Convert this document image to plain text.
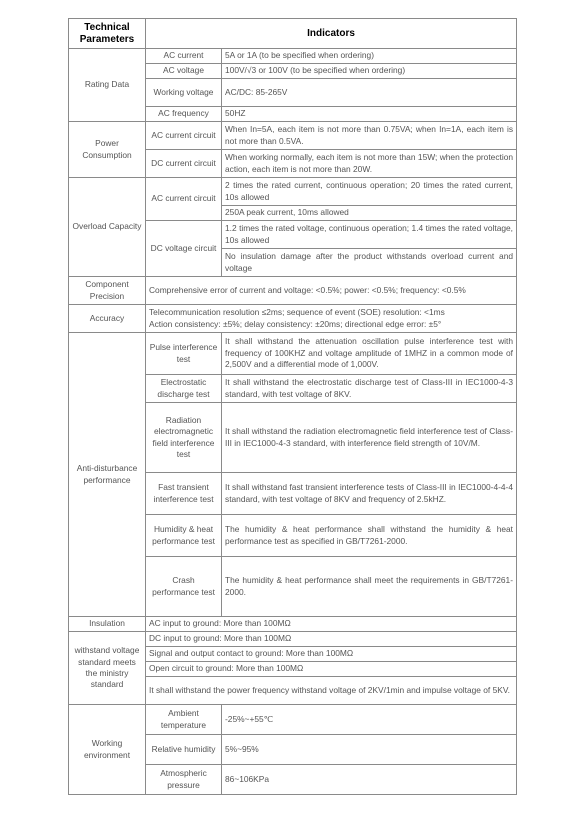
Technical Parameters	Indicators	
Rating Data	AC current	5A or 1A (to be specified when ordering)
	AC voltage	100V/√3 or 100V (to be specified when ordering)
	Working voltage	AC/DC: 85-265V
	AC frequency	50HZ
Power Consumption	AC current circuit	When In=5A, each item is not more than 0.75VA; when In=1A, each item is not more than 0.5VA.
	DC current circuit	When working normally, each item is not more than 15W; when the protection action, each item is not more than 20W.
Overload Capacity	AC current circuit	2 times the rated current, continuous operation; 20 times the rated current, 10s allowed
		250A peak current, 10ms allowed
	DC voltage circuit	1.2 times the rated voltage, continuous operation; 1.4 times the rated voltage, 10s allowed
		No insulation damage after the product withstands overload current and voltage
Component Precision	Comprehensive error of current and voltage: <0.5%; power: <0.5%; frequency: <0.5%	
Accuracy	Telecommunication resolution ≤2ms; sequence of event (SOE) resolution: <1ms
Action consistency: ±5%; delay consistency: ±20ms; directional edge error: ±5°	
Anti-disturbance performance	Pulse interference test	It shall withstand the attenuation oscillation pulse interference test with frequency of 100KHZ and voltage amplitude of 1MHZ in a common mode of 2,500V and a differential mode of 1,000V.
	Electrostatic discharge test	It shall withstand the electrostatic discharge test of Class-III in IEC1000-4-3 standard, with test voltage of 8KV.
	Radiation electromagnetic field interference test	It shall withstand the radiation electromagnetic field interference test of Class-III in IEC1000-4-3 standard, with interference field strength of 10V/M.
	Fast transient interference test	It shall withstand fast transient interference tests of Class-III in IEC1000-4-4-4 standard, with test voltage of 8KV and frequency of 2.5kHZ.
	Humidity & heat performance test	The humidity & heat performance shall withstand the humidity & heat performance test as specified in GB/T7261-2000.
	Crash performance test	The humidity & heat performance shall meet the requirements in GB/T7261-2000.
Insulation	AC input to ground: More than 100MΩ	
withstand voltage standard meets the ministry standard	DC input to ground: More than 100MΩ	
	Signal and output contact to ground: More than 100MΩ	
	Open circuit to ground: More than 100MΩ	
	It shall withstand the power frequency withstand voltage of 2KV/1min and impulse voltage of 5KV.	
Working environment	Ambient temperature	-25%~+55℃
	Relative humidity	5%~95%
	Atmospheric pressure	86~106KPa
